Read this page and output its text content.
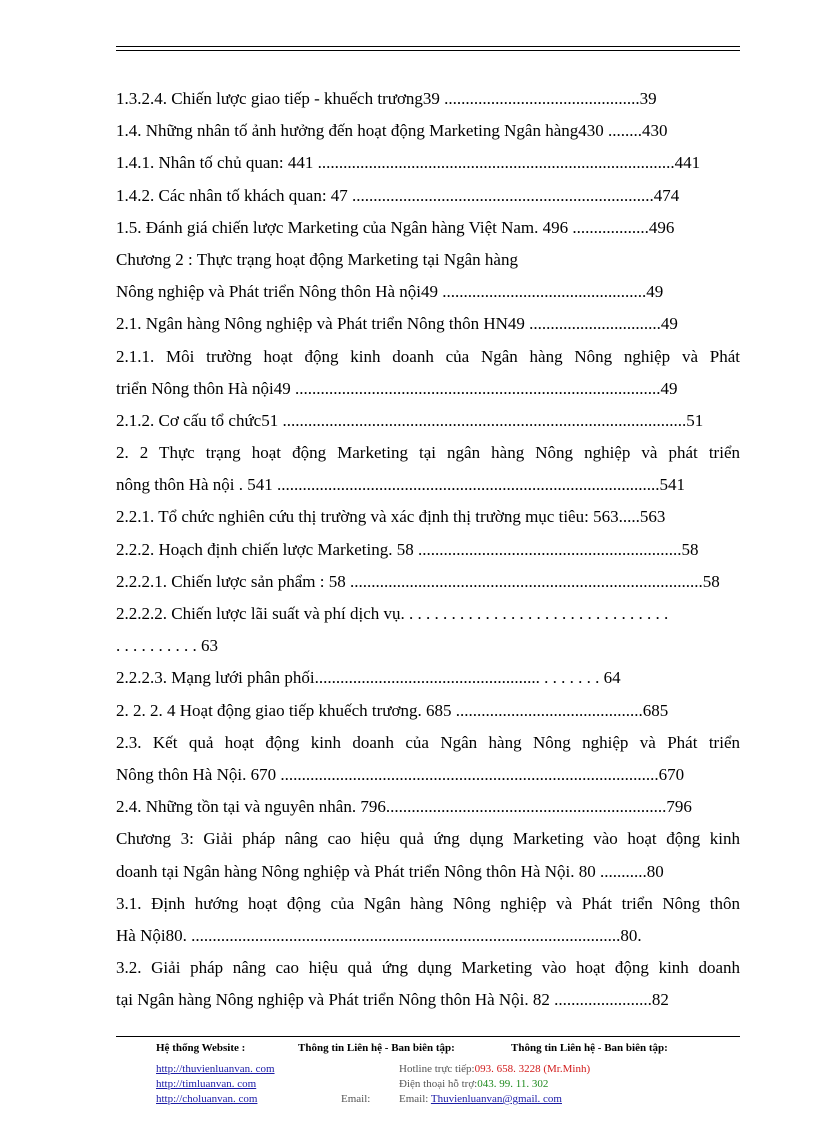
1.3.2.4. Chiến lược giao tiếp - khuếch trương39 ..............................................39
1.4. Những nhân tố ảnh hưởng đến hoạt động Marketing Ngân hàng430 ........430
1.4.1. Nhân tố chủ quan: 441 ....................................................................................441
1.4.2. Các nhân tố khách quan: 47 .......................................................................474
1.5. Đánh giá chiến lược Marketing của Ngân hàng Việt Nam. 496 ..................496
Chương 2 : Thực trạng hoạt động Marketing tại Ngân hàng
Nông nghiệp và Phát triển Nông thôn Hà nội49 ................................................49
2.1. Ngân hàng Nông nghiệp và Phát triển Nông thôn HN49 ...............................49
2.1.1. Môi trường hoạt động kinh doanh của Ngân hàng Nông nghiệp và Phát
triển Nông thôn Hà nội49 ......................................................................................49
2.1.2. Cơ cấu tổ chức51 ...............................................................................................51
2. 2 Thực trạng hoạt động Marketing tại ngân hàng Nông nghiệp và phát triển
nông thôn Hà nội . 541 ..........................................................................................541
2.2.1. Tổ chức nghiên cứu thị trường và xác định thị trường mục tiêu: 563.....563
2.2.2. Hoạch định chiến lược Marketing. 58 ..............................................................58
2.2.2.1. Chiến lược sản phẩm : 58 ...................................................................................58
2.2.2.2. Chiến lược lãi suất và phí dịch vụ. . . . . . . . . . . . . . . . . . . . . . . . . . . . . . . .
. . . . . . . . . . 63
2.2.2.3. Mạng lưới phân phối..................................................... . . . . . . . 64
2. 2. 2. 4 Hoạt động giao tiếp khuếch trương. 685 ............................................685
2.3. Kết quả hoạt động kinh doanh của Ngân hàng Nông nghiệp và Phát triển
Nông thôn Hà Nội. 670 .........................................................................................670
2.4. Những tồn tại và nguyên nhân. 796..................................................................796
Chương 3: Giải pháp nâng cao hiệu quả ứng dụng Marketing vào hoạt động kinh
doanh tại Ngân hàng Nông nghiệp và Phát triển Nông thôn Hà Nội. 80 ...........80
3.1. Định hướng hoạt động của Ngân hàng Nông nghiệp và Phát triển Nông thôn
Hà Nội80. .....................................................................................................80.
3.2. Giải pháp nâng cao hiệu quả ứng dụng Marketing vào hoạt động kinh doanh
tại Ngân hàng Nông nghiệp và Phát triển Nông thôn Hà Nội. 82 .......................82
Hệ thống Website :	Thông tin Liên hệ - Ban biên tập:	Thông tin Liên hệ - Ban biên tập:
http://thuvienluanvan. com
http://timluanvan. com
http://choluanvan. com	Email:
Hotline trực tiếp:093. 658. 3228 (Mr.Minh)
Điện thoại hỗ trợ:043. 99. 11. 302
Email: Thuvienluanvan@gmail. com
